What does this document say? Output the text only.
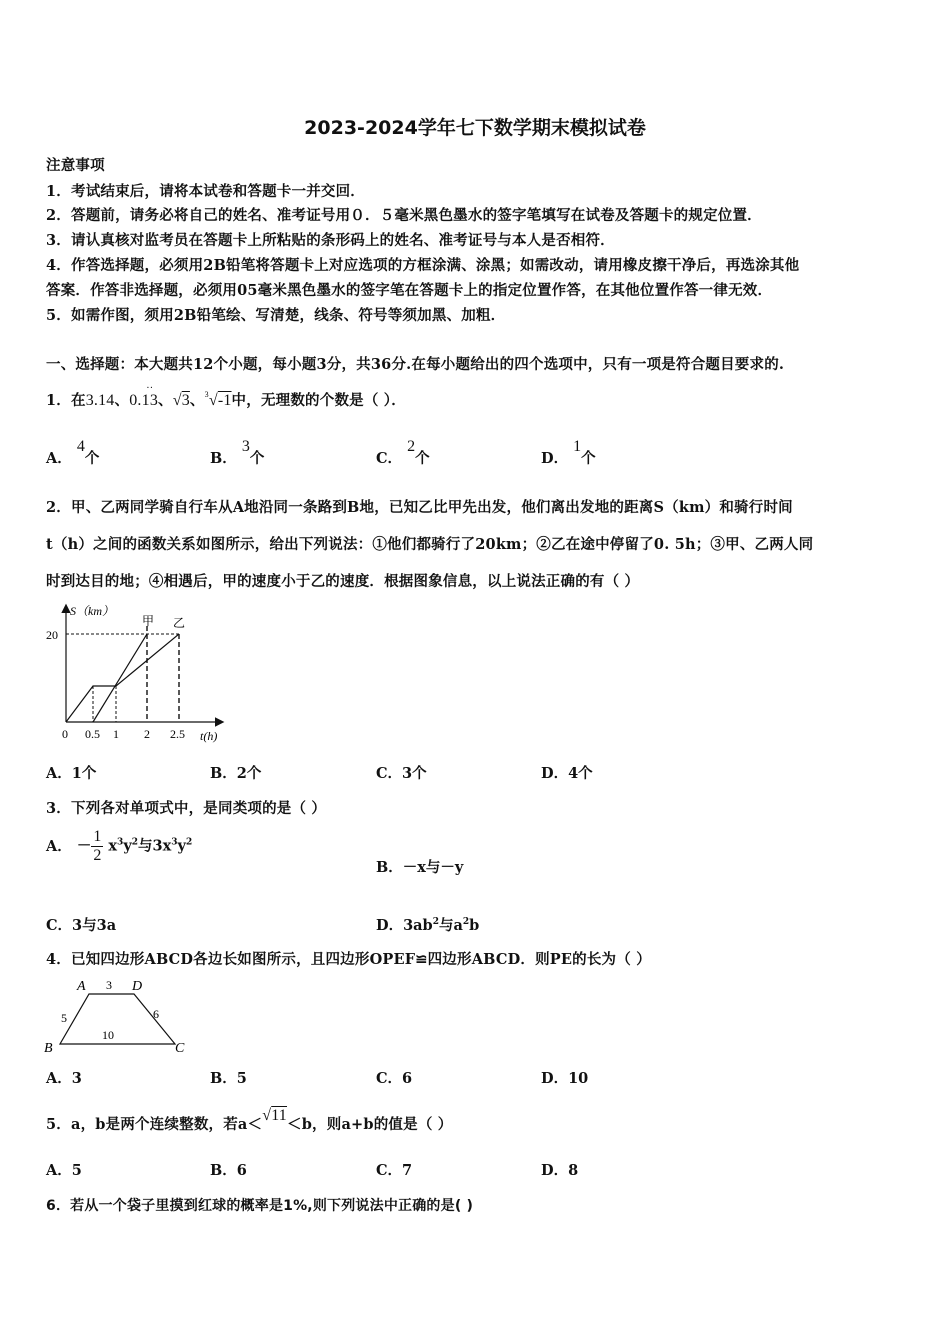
2023-2024学年七下数学期末模拟试卷
注意事项
1．考试结束后，请将本试卷和答题卡一并交回．
2．答题前，请务必将自己的姓名、准考证号用０．５毫米黑色墨水的签字笔填写在试卷及答题卡的规定位置．
3．请认真核对监考员在答题卡上所粘贴的条形码上的姓名、准考证号与本人是否相符．
4．作答选择题，必须用2B铅笔将答题卡上对应选项的方框涂满、涂黑；如需改动，请用橡皮擦干净后，再选涂其他
答案．作答非选择题，必须用05毫米黑色墨水的签字笔在答题卡上的指定位置作答，在其他位置作答一律无效．
5．如需作图，须用2B铅笔绘、写清楚，线条、符号等须加黑、加粗．
一、选择题：本大题共12个小题，每小题3分，共36分.在每小题给出的四个选项中，只有一项是符合题目要求的.
1．在3.14、0.13
··
、√3、$^3$√-1中，无理数的个数是（ ）．
A． 4个	B． 3个	C． 2个	D． 1个
2．甲、乙两同学骑自行车从A地沿同一条路到B地，已知乙比甲先出发，他们离出发地的距离S（km）和骑行时间
t（h）之间的函数关系如图所示，给出下列说法：①他们都骑行了20km；②乙在途中停留了0. 5h；③甲、乙两人同
时到达目的地；④相遇后，甲的速度小于乙的速度．根据图象信息，以上说法正确的有（ ）
S（km）
20
甲 乙
0 0.5 1 2 2.5 t(h)
A．1个	B．2个	C．3个	D．4个
3．下列各对单项式中，是同类项的是（ ）
A． － $\frac{1}{2} x^3y^2$与$3x^3y^2$
B．－x与－y
C．3与3a	D．$3ab^2$与$a^2b$
4．已知四边形ABCD各边长如图所示，且四边形OPEF≌四边形ABCD．则PE的长为（ ）
A	D
B	C
3
5	6
10
A．3	B．5	C．6	D．10
5．a，b是两个连续整数，若a＜√11＜b，则a+b的值是（ ）
A．5	B．6	C．7	D．8
6．若从一个袋子里摸到红球的概率是1%,则下列说法中正确的是( )
